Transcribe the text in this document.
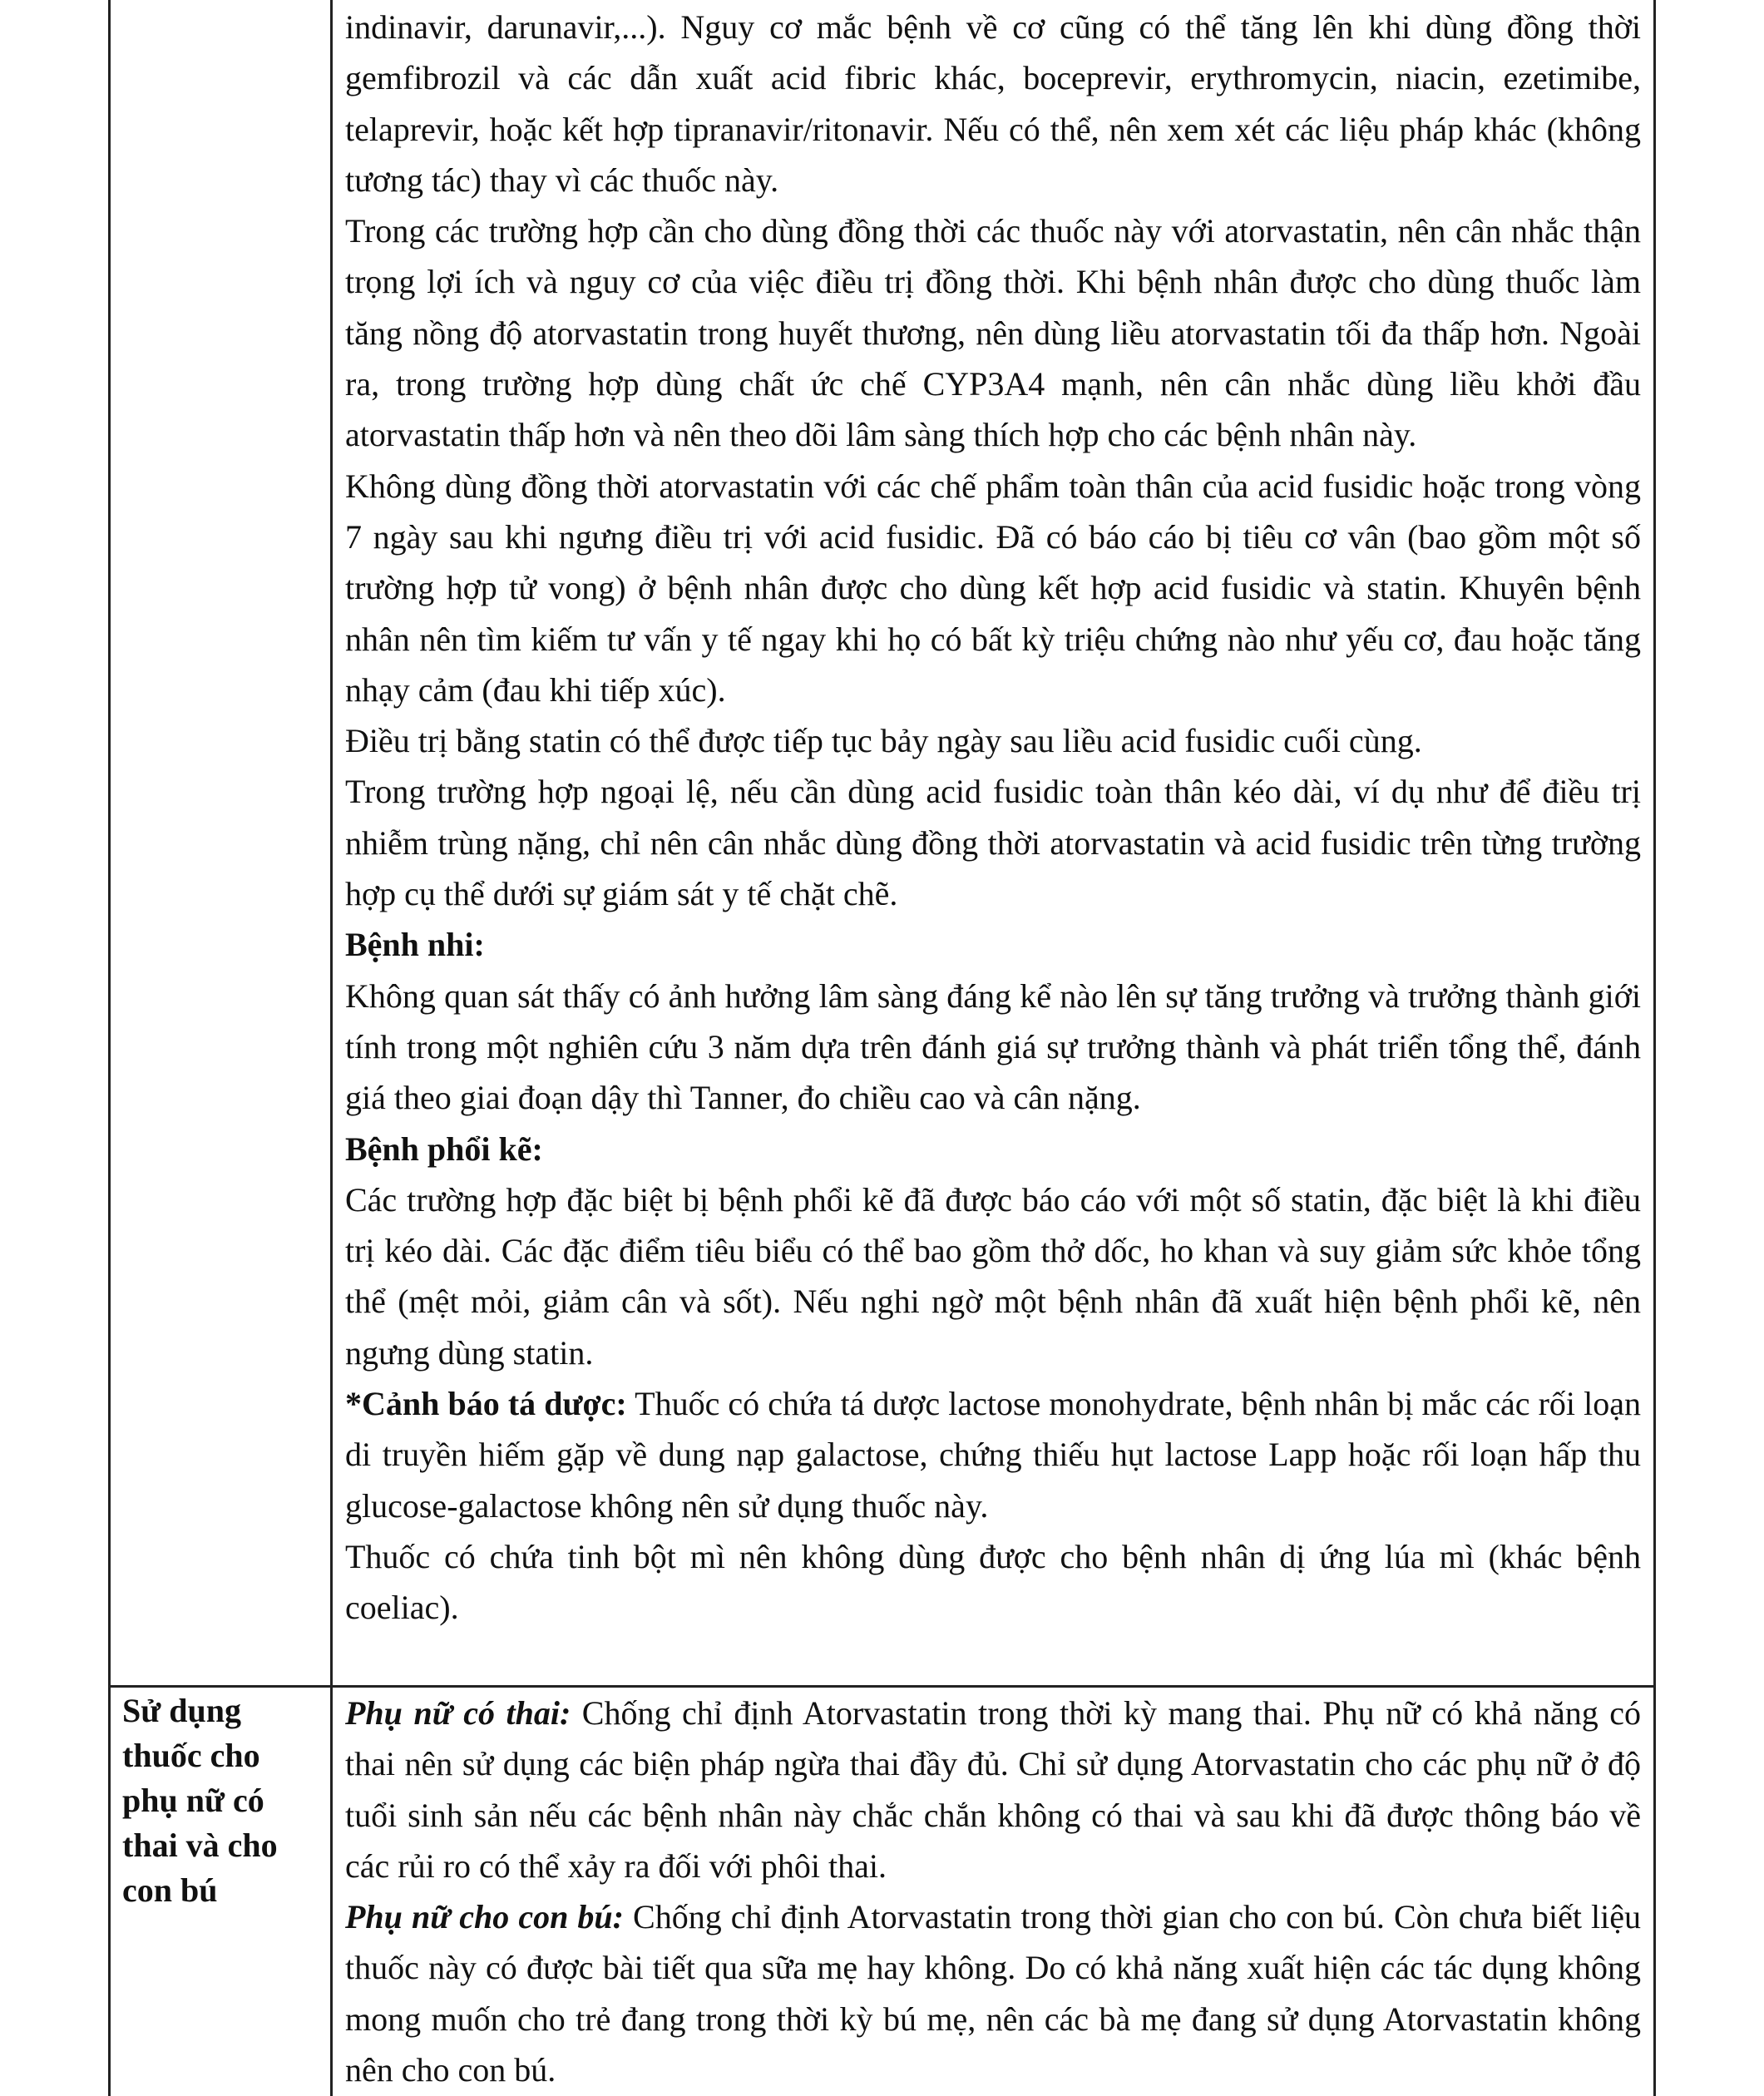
indinavir, darunavir,...). Nguy cơ mắc bệnh về cơ cũng có thể tăng lên khi dùng đồng thời gemfibrozil và các dẫn xuất acid fibric khác, boceprevir, erythromycin, niacin, ezetimibe, telaprevir, hoặc kết hợp tipranavir/ritonavir. Nếu có thể, nên xem xét các liệu pháp khác (không tương tác) thay vì các thuốc này.

Trong các trường hợp cần cho dùng đồng thời các thuốc này với atorvastatin, nên cân nhắc thận trọng lợi ích và nguy cơ của việc điều trị đồng thời. Khi bệnh nhân được cho dùng thuốc làm tăng nồng độ atorvastatin trong huyết thương, nên dùng liều atorvastatin tối đa thấp hơn. Ngoài ra, trong trường hợp dùng chất ức chế CYP3A4 mạnh, nên cân nhắc dùng liều khởi đầu atorvastatin thấp hơn và nên theo dõi lâm sàng thích hợp cho các bệnh nhân này.

Không dùng đồng thời atorvastatin với các chế phẩm toàn thân của acid fusidic hoặc trong vòng 7 ngày sau khi ngưng điều trị với acid fusidic. Đã có báo cáo bị tiêu cơ vân (bao gồm một số trường hợp tử vong) ở bệnh nhân được cho dùng kết hợp acid fusidic và statin. Khuyên bệnh nhân nên tìm kiếm tư vấn y tế ngay khi họ có bất kỳ triệu chứng nào như yếu cơ, đau hoặc tăng nhạy cảm (đau khi tiếp xúc).

Điều trị bằng statin có thể được tiếp tục bảy ngày sau liều acid fusidic cuối cùng.

Trong trường hợp ngoại lệ, nếu cần dùng acid fusidic toàn thân kéo dài, ví dụ như để điều trị nhiễm trùng nặng, chỉ nên cân nhắc dùng đồng thời atorvastatin và acid fusidic trên từng trường hợp cụ thể dưới sự giám sát y tế chặt chẽ.

Bệnh nhi:

Không quan sát thấy có ảnh hưởng lâm sàng đáng kể nào lên sự tăng trưởng và trưởng thành giới tính trong một nghiên cứu 3 năm dựa trên đánh giá sự trưởng thành và phát triển tổng thể, đánh giá theo giai đoạn dậy thì Tanner, đo chiều cao và cân nặng.

Bệnh phổi kẽ:

Các trường hợp đặc biệt bị bệnh phổi kẽ đã được báo cáo với một số statin, đặc biệt là khi điều trị kéo dài. Các đặc điểm tiêu biểu có thể bao gồm thở dốc, ho khan và suy giảm sức khỏe tổng thể (mệt mỏi, giảm cân và sốt). Nếu nghi ngờ một bệnh nhân đã xuất hiện bệnh phổi kẽ, nên ngưng dùng statin.

*Cảnh báo tá dược: Thuốc có chứa tá dược lactose monohydrate, bệnh nhân bị mắc các rối loạn di truyền hiếm gặp về dung nạp galactose, chứng thiếu hụt lactose Lapp hoặc rối loạn hấp thu glucose-galactose không nên sử dụng thuốc này.

Thuốc có chứa tinh bột mì nên không dùng được cho bệnh nhân dị ứng lúa mì (khác bệnh coeliac).

Sử dụng
thuốc cho
phụ nữ có
thai và cho
con bú

Phụ nữ có thai: Chống chỉ định Atorvastatin trong thời kỳ mang thai. Phụ nữ có khả năng có thai nên sử dụng các biện pháp ngừa thai đầy đủ. Chỉ sử dụng Atorvastatin cho các phụ nữ ở độ tuổi sinh sản nếu các bệnh nhân này chắc chắn không có thai và sau khi đã được thông báo về các rủi ro có thể xảy ra đối với phôi thai.

Phụ nữ cho con bú: Chống chỉ định Atorvastatin trong thời gian cho con bú. Còn chưa biết liệu thuốc này có được bài tiết qua sữa mẹ hay không. Do có khả năng xuất hiện các tác dụng không mong muốn cho trẻ đang trong thời kỳ bú mẹ, nên các bà mẹ đang sử dụng Atorvastatin không nên cho con bú.
